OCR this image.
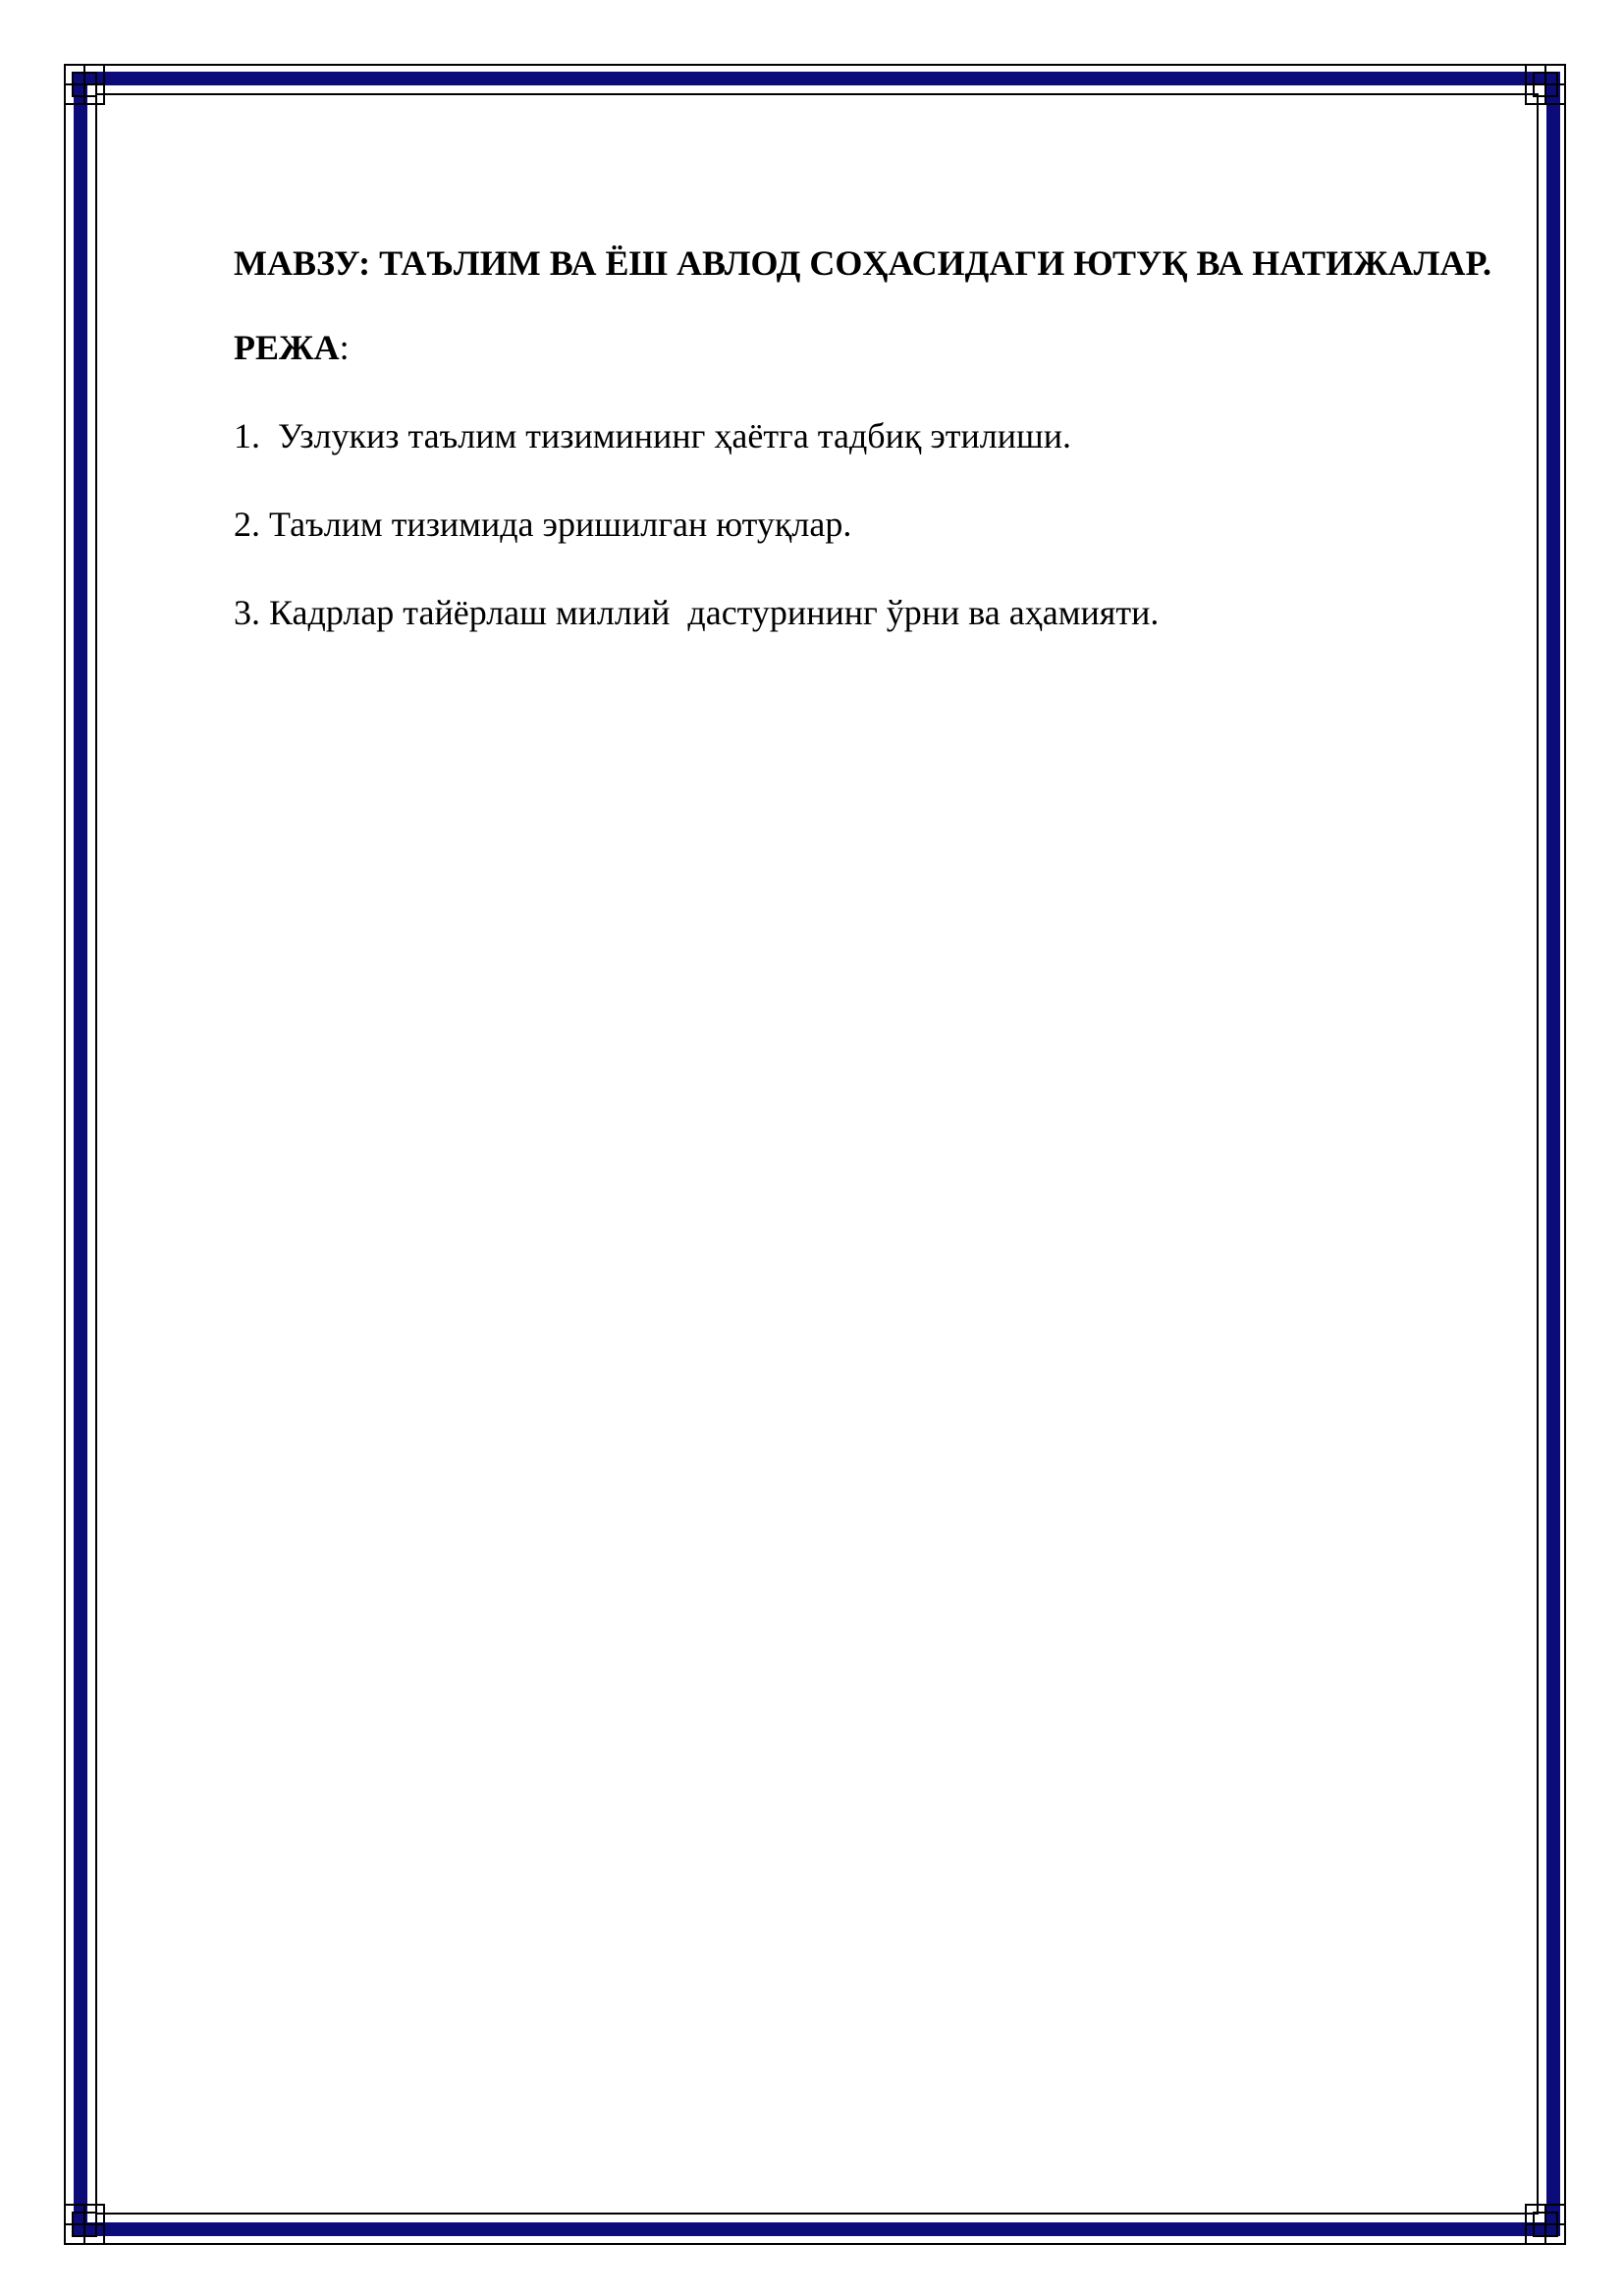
МАВЗУ: ТАЪЛИМ ВА ЁШ АВЛОД СОҲАСИДАГИ ЮТУҚ ВА НАТИЖАЛАР.

РЕЖА:

1.  Узлукиз таълим тизимининг ҳаётга тадбиқ этилиши.
2. Таълим тизимида эришилган ютуқлар.
3. Кадрлар тайёрлаш миллий  дастурининг ўрни ва аҳамияти.
